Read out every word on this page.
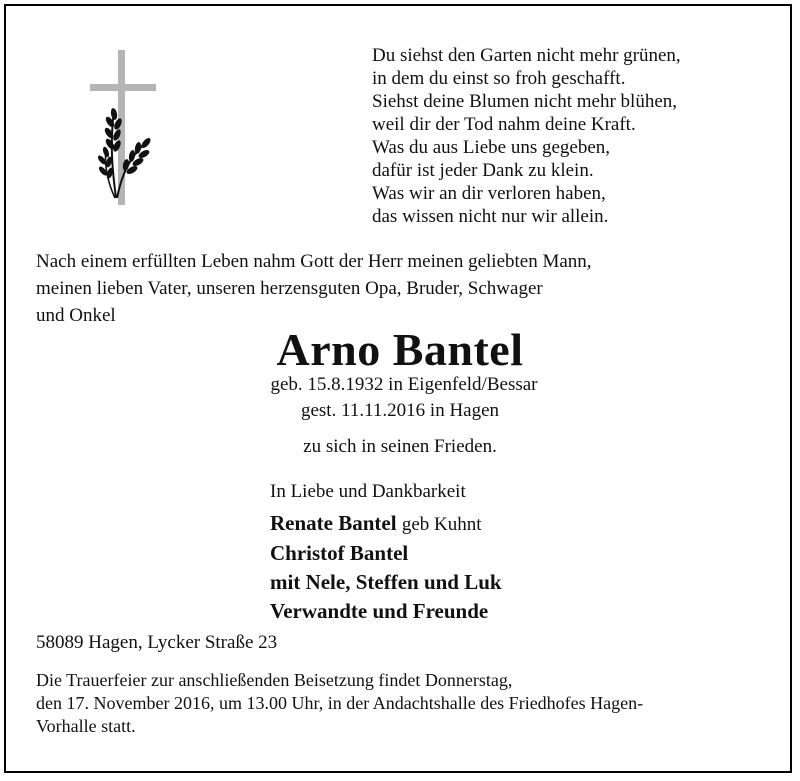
Du siehst den Garten nicht mehr grünen,
in dem du einst so froh geschafft.
Siehst deine Blumen nicht mehr blühen,
weil dir der Tod nahm deine Kraft.
Was du aus Liebe uns gegeben,
dafür ist jeder Dank zu klein.
Was wir an dir verloren haben,
das wissen nicht nur wir allein.
Nach einem erfüllten Leben nahm Gott der Herr meinen geliebten Mann,
meinen lieben Vater, unseren herzensguten Opa, Bruder, Schwager
und Onkel
Arno Bantel
geb. 15.8.1932 in Eigenfeld/Bessar
gest. 11.11.2016 in Hagen
zu sich in seinen Frieden.
In Liebe und Dankbarkeit
Renate Bantel geb Kuhnt
Christof Bantel
mit Nele, Steffen und Luk
Verwandte und Freunde
58089 Hagen, Lycker Straße 23
Die Trauerfeier zur anschließenden Beisetzung findet Donnerstag,
den 17. November 2016, um 13.00 Uhr, in der Andachtshalle des Friedhofes Hagen-
Vorhalle statt.
